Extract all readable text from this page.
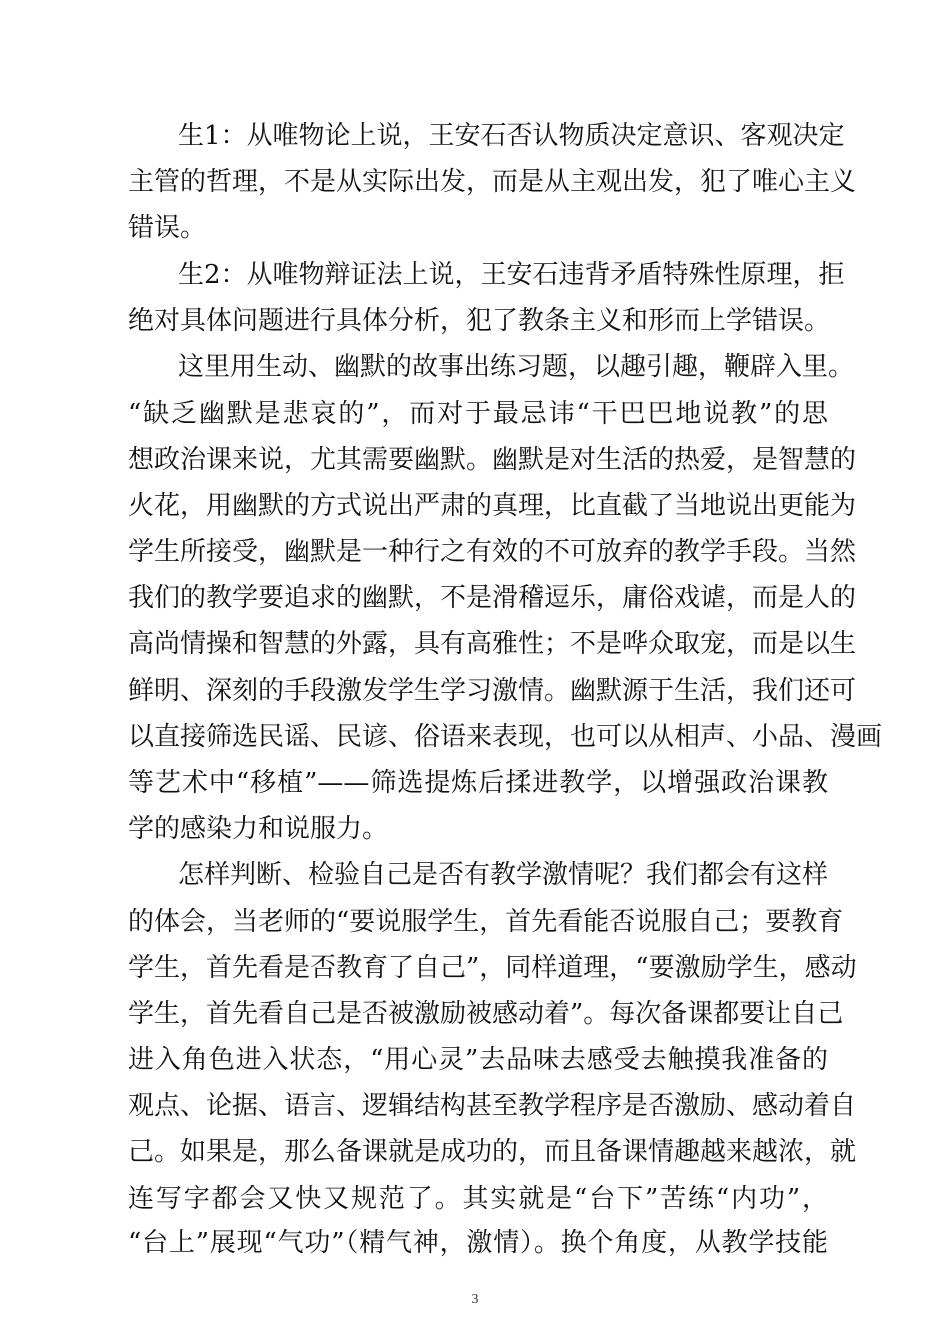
生1：从唯物论上说，王安石否认物质决定意识、客观决定
主管的哲理，不是从实际出发，而是从主观出发，犯了唯心主义
错误。
生2：从唯物辩证法上说，王安石违背矛盾特殊性原理，拒
绝对具体问题进行具体分析，犯了教条主义和形而上学错误。
这里用生动、幽默的故事出练习题，以趣引趣，鞭辟入里。
“缺乏幽默是悲哀的”，而对于最忌讳“干巴巴地说教”的思
想政治课来说，尤其需要幽默。幽默是对生活的热爱，是智慧的
火花，用幽默的方式说出严肃的真理，比直截了当地说出更能为
学生所接受，幽默是一种行之有效的不可放弃的教学手段。当然
我们的教学要追求的幽默，不是滑稽逗乐，庸俗戏谑，而是人的
高尚情操和智慧的外露，具有高雅性；不是哗众取宠，而是以生
鲜明、深刻的手段激发学生学习激情。幽默源于生活，我们还可
以直接筛选民谣、民谚、俗语来表现，也可以从相声、小品、漫画
等艺术中“移植”——筛选提炼后揉进教学，以增强政治课教
学的感染力和说服力。
怎样判断、检验自己是否有教学激情呢？我们都会有这样
的体会，当老师的“要说服学生，首先看能否说服自己；要教育
学生，首先看是否教育了自己”，同样道理，“要激励学生，感动
学生，首先看自己是否被激励被感动着”。每次备课都要让自己
进入角色进入状态，“用心灵”去品味去感受去触摸我准备的
观点、论据、语言、逻辑结构甚至教学程序是否激励、感动着自
己。如果是，那么备课就是成功的，而且备课情趣越来越浓，就
连写字都会又快又规范了。其实就是“台下”苦练“内功”，
“台上”展现“气功”（精气神，激情）。换个角度，从教学技能
3
